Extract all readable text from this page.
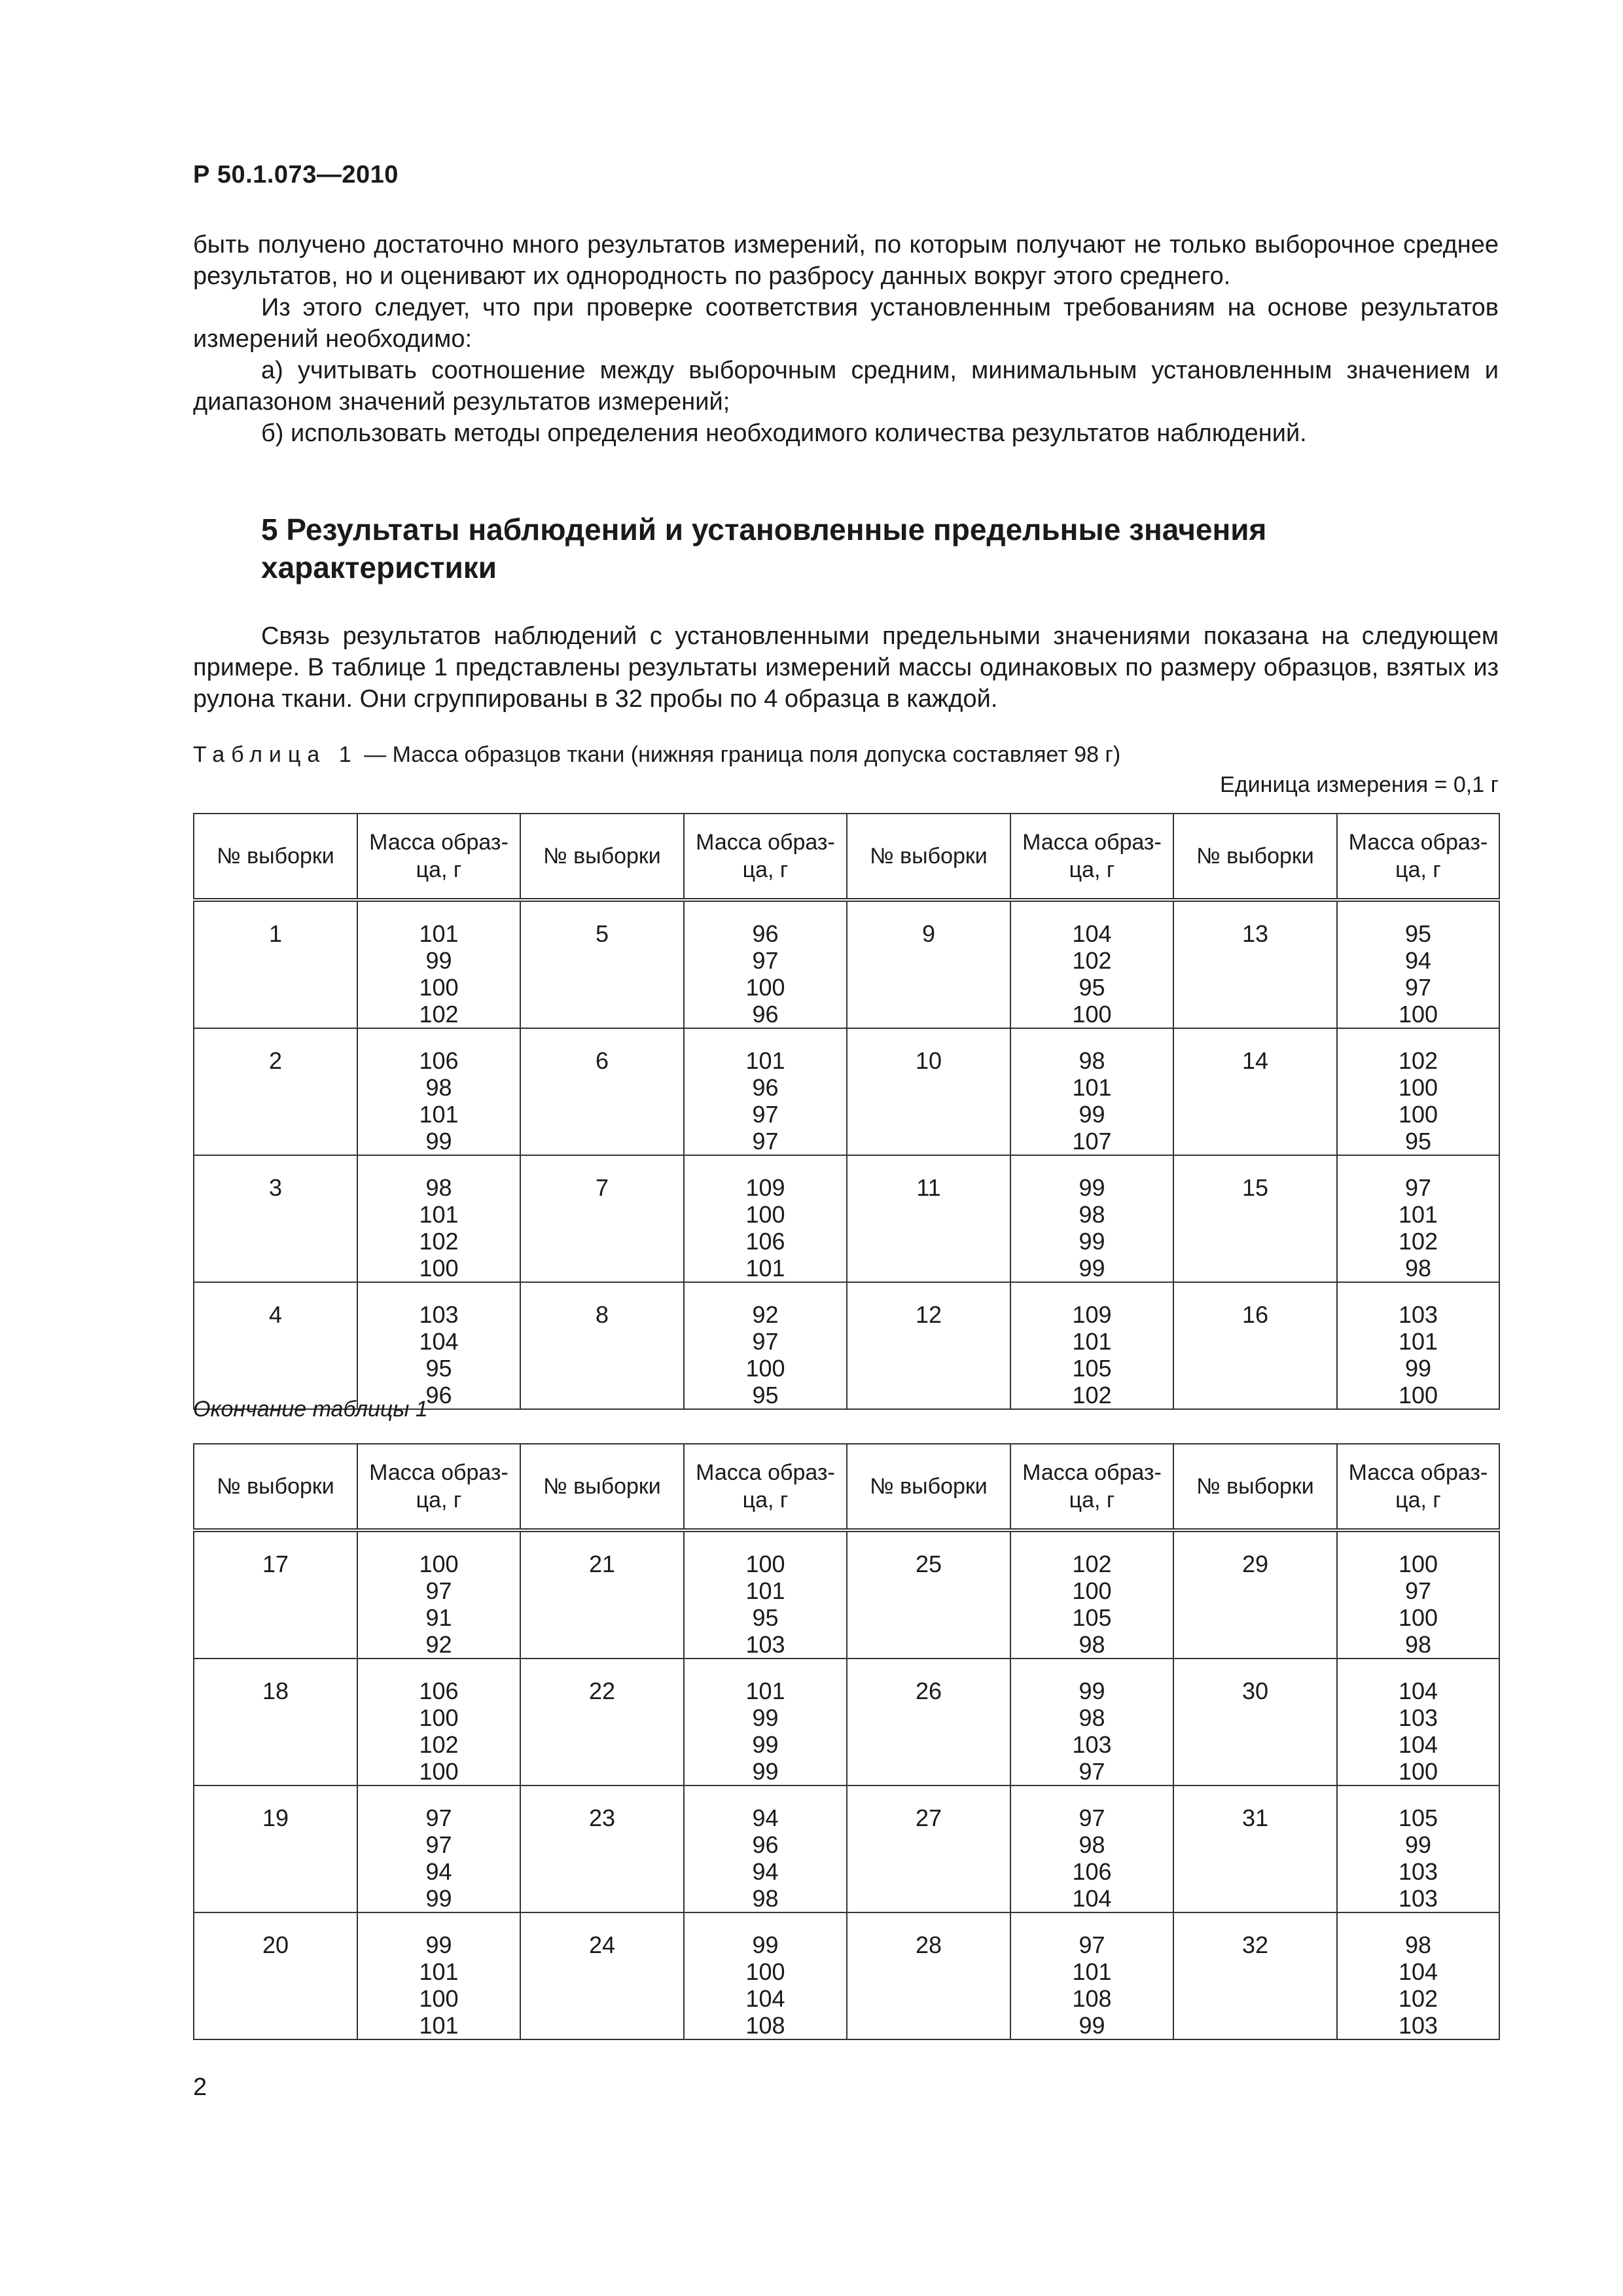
Р 50.1.073—2010

быть получено достаточно много результатов измерений, по которым получают не только выборочное среднее результатов, но и оценивают их однородность по разбросу данных вокруг этого среднего.

Из этого следует, что при проверке соответствия установленным требованиям на основе результатов измерений необходимо:

а) учитывать соотношение между выборочным средним, минимальным установленным значением и диапазоном значений результатов измерений;

б) использовать методы определения необходимого количества результатов наблюдений.

5 Результаты наблюдений и установленные предельные значения характеристики

Связь результатов наблюдений с установленными предельными значениями показана на следующем примере. В таблице 1 представлены результаты измерений массы одинаковых по размеру образцов, взятых из рулона ткани. Они сгруппированы в 32 пробы по 4 образца в каждой.

Таблица 1 — Масса образцов ткани (нижняя граница поля допуска составляет 98 г)
Единица измерения = 0,1 г
№ выборки	Масса образ-ца, г	№ выборки	Масса образ-ца, г	№ выборки	Масса образ-ца, г	№ выборки	Масса образ-ца, г
1	101
99
100
102	5	96
97
100
96	9	104
102
95
100	13	95
94
97
100

2	106
98
101
99	6	101
96
97
97	10	98
101
99
107	14	102
100
100
95

3	98
101
102
100	7	109
100
106
101	11	99
98
99
99	15	97
101
102
98

4	103
104
95
96	8	92
97
100
95	12	109
101
105
102	16	103
101
99
100
Окончание таблицы 1
№ выборки	Масса образ-ца, г	№ выборки	Масса образ-ца, г	№ выборки	Масса образ-ца, г	№ выборки	Масса образ-ца, г
17	100
97
91
92	21	100
101
95
103	25	102
100
105
98	29	100
97
100
98

18	106
100
102
100	22	101
99
99
99	26	99
98
103
97	30	104
103
104
100

19	97
97
94
99	23	94
96
94
98	27	97
98
106
104	31	105
99
103
103

20	99
101
100
101	24	99
100
104
108	28	97
101
108
99	32	98
104
102
103
2
